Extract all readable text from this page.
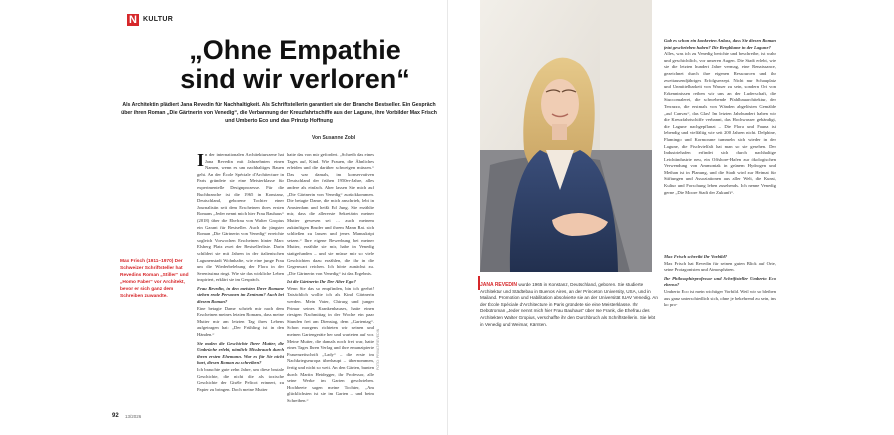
N KULTUR
„Ohne Empathie
sind wir verloren“
Als Architektin plädiert Jana Revedin für Nachhaltigkeit. Als Schriftstellerin garantiert sie der Branche Bestseller. Ein Gespräch über ihren Roman „Die Gärtnerin von Venedig“, die Verbannung der Kreuzfahrtschiffe aus der Lagune, ihre Vorbilder Max Frisch und Umberto Eco und das Prinzip Hoffnung
Von Susanne Zobl
Max Frisch (1911–1970) Der Schweizer Schriftsteller hat Revedins Roman „Stiller“ und „Homo Faber“ vor Architekt, bevor er sich ganz dem Schreiben zuwandte.
I n der internationalen Architekturszene hat Jana Revedin mit Jahrzehnten einen Namen, wenn es um nachhaltiges Bauen geht. An der École Spéciale d'Architecture in Paris gründete sie eine Meisterklasse für experimentelle Designprozesse. Für die Buchbranche ist die 1965 in Konstanz, Deutschland, geborene Tochter einer Journalistin seit dem Erscheinen ihres ersten Romans „Jeder nennt mich hier Frau Bauhaus“ (2018) über die Ehefrau von Walter Gropius ein Garant für Bestseller. Auch ihr jüngster Roman „Die Gärtnerin von Venedig“ erreichte sogleich Vorwochen Erscheinen hinter Marc Elsberg Platz zwei der Bestsellerliste. Darin schildert sie mit Jahren in der italienischen Lagunenstadt Wohnhafte, wie eine junge Frau um die Wiederbelebung der Flora in der Serenissima ringt. Wie sie das wirkliche Leben inspiriert, erklärt sie im Gespräch.
Frau Revedin, in den meisten Ihrer Romane stehen reale Personen im Zentrum? Auch bei diesem Roman?
Eine betagte Dame schrieb mir nach dem Erscheinen meines letzten Romans, dass meine Mutter mir am letzten Tag ihres Lebens aufgetragen hat: „Der Frühling ist in den Händen.“
Sie malen die Geschichte Ihrer Mutter, die Umbrüche erlebt, nämlich Missbrauch durch ihren ersten Ehemann. War es für Sie nicht hart, diesen Roman zu schreiben?
Ich brauchte gute zehn Jahre, um diese brutale Geschichte, die nicht die als toxische Geschichte der Gisèle Pelicot erinnert, zu Papier zu bringen. Doch meine Mutter
hatte das von mir gefordert. „Schreib das eines Tages auf, Kind. Wie Frauen, die Ähnliches erleiden und die darüber schweigen müssen.“ Das war damals, im konservativen Deutschland der frühen 1950er-Jahre, alles andere als einfach. Aber lassen Sie mich auf „Die Gärtnerin von Venedig“ zurückkommen. Die betagte Dame, die mich anschrieb, lebt in Amsterdam und heißt Ed Jung. Sie erzählte mir, dass die allererste Sekretärin meiner Mutter gewesen sei … auch meinem zukünftigen Bruder und ihrem Mann Rat. sich schließen zu lassen und jenes Manuskript setzen.“ Ihre eigene Bewerbung bei meiner Mutter, erzählte sie mir, habe in Venedig stattgefunden – und sie müsse mir so viele Geschichten dazu erzählen, die ihr in die Gegenwart reichen. Ich hörte zunächst zu. „Die Gärtnerin von Venedig“ ist das Ergebnis.
Ist die Gärtnerin Ihr Der Alter Ego?
Wenn Sie das so empfinden, bin ich geehrt! Tatsächlich wollte ich als Kind Gärtnerin werden. Mein Vater, Chirurg und junger Primar seines Krankenhauses, hatte einen riesigen Nachmittag in der Woche ein paar Stunden frei am Dienstag, dem „Gartentag“. Schon morgens richteten wir seinen und meinen Gartengeräte her und warteten auf vor. Meine Mutter, die damals noch frei war, hatte eines Tages Ihren Verlag und ihre emanzipierte Frauenzeitschrift „Lady“ – die erste im Nachkriegseuropa überhaupt – übernommen, fertig und nicht so weit. An den Gärten, bunten durch Martin Heidegger, ihr Professor, alle seine Werke im Garten geschrieben. Hochbeete sagen meine Tochter, „Am glücklichsten ist sie im Garten – und beim Schreiben.“
FOTO: PRIVAT/REVEDIN
92 13/2026
JANA REVEDIN wurde 1965 in Konstanz, Deutschland, geboren. Sie studierte Architektur und Städtebau in Buenos Aires, an der Princeton University, USA, und in Mailand. Promotion und Habilitation absolvierte sie an der Universität IUAV Venedig. An der École Spéciale d'Architecture in Paris gründete sie eine Meisterklasse. Ihr Debütroman „Jeder nennt mich hier Frau Bauhaus“ über Ise Frank, die Ehefrau des Architekten Walter Gropius, verschaffte ihr den Durchbruch als Schriftstellerin. Sie lebt in Venedig und Weimar, Kärnten.
Gab es schon ein konkreten Anlass, dass Sie diesen Roman jetzt geschrieben haben? Die Bergblume in der Lagune?
Alles, was ich zu Venedig berichte und beschreibe, ist wahr und geschichtlich, vor unseren Augen. Die Stadt erlebt, wie sie die letzten hundert Jahre vermag, eine Renaissance, gezeichnet durch ihre eigenen Ressourcen und ihr zweitausendjähriges Erfolgsrezept. Nicht nur Schauplatz und Unmittelbarkeit von Wasser zu sein, sondern Ort von Erkenntnissen reiben wir uns an der Luderschaft, die Stuccomalerei, die schwebende Pfahlbauarchitektur, der Terrazzo, die erstmals von Wänden abgelösten Gemälde „auf Canvas“, das Glas! Im letzten Jahrhundert haben wir die Kreuzfahrtschiffe verbannt, das Hochwasser gebändigt, die Lagune nachgepflanzt – Die Flora und Fauna ist lebendig und vielfältig wie seit 200 Jahren nicht. Delphine, Flamingo und Kormorane tummeln sich wieder in der Lagune, die Fischvielfalt hat man so sie gesehen. Der Industriehafen erfindet sich durch nachhaltige Leichtindustrie neu, ein Offshore-Hafen zur ökologischen Verwendung von Ammoniak in grünem Hydrogen und Methan ist in Planung, und die Stadt wird zur Heimat für Stiftungen und Assoziationen aus aller Welt, die Kunst, Kultur und Forschung leben zusehends. Ich nenne Venedig gerne „Die Moore Stadt der Zukunft“.
Max Frisch schreibt Ihr Vorbild?
Max Frisch hat Revedin für seinen guten Blick auf Orte, seine Protagonisten und Atmosphären.
Ihr Philosophieprofessor und Schriftsteller Umberto Eco ebenso?
Umberto Eco ist mein wichtiger Vorbild. Weil wir so bleiben aus ganz unterschiedlich sich, ohne je bekehrend zu sein, ins ko pro-
